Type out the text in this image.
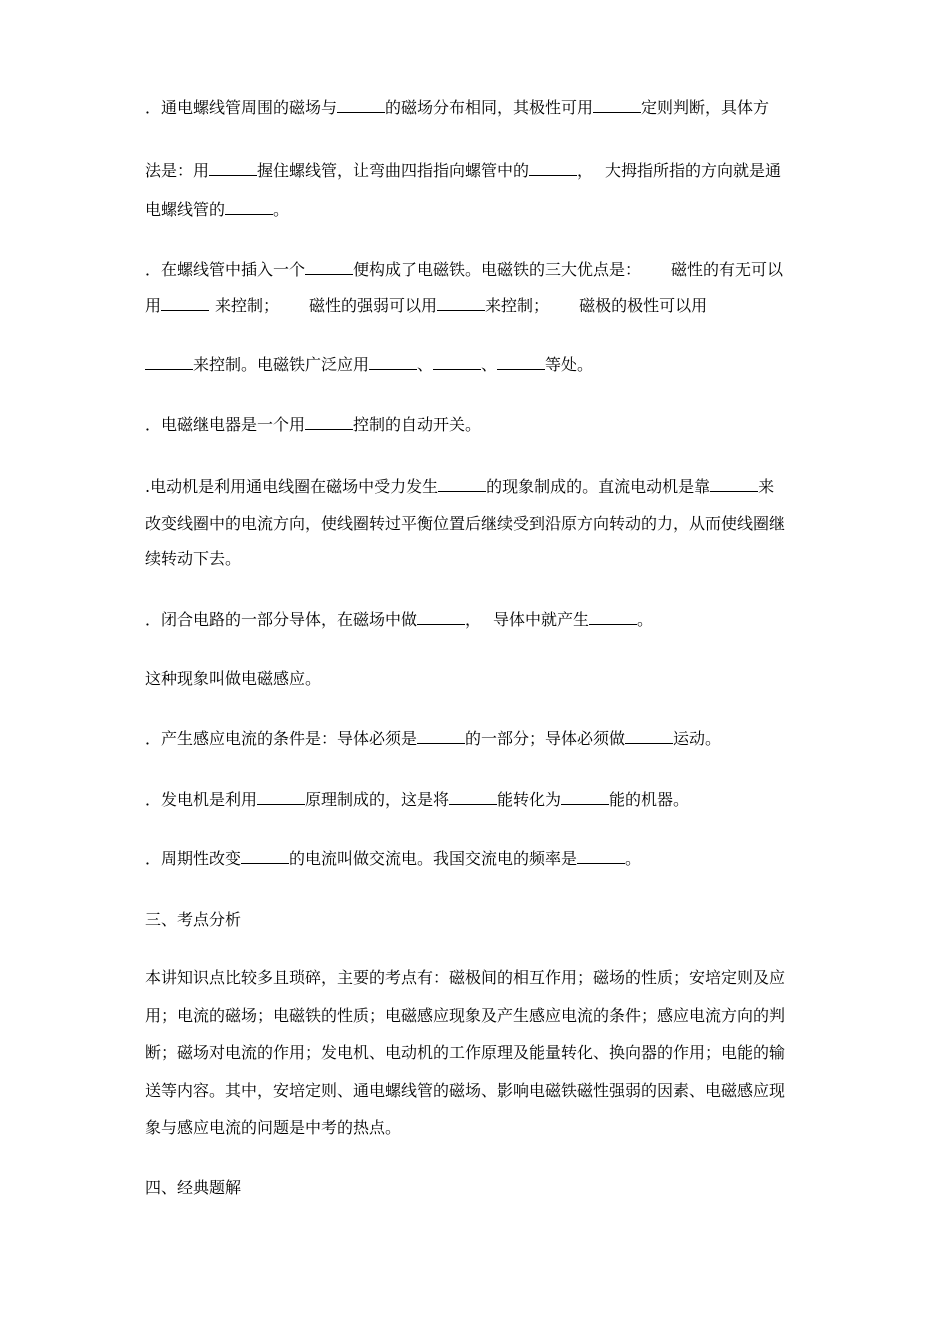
．通电螺线管周围的磁场与	的磁场分布相同，其极性可用	定则判断，具体方
法是：用	握住螺线管，让弯曲四指指向螺管中的	， 大拇指所指的方向就是通
电螺线管的	。
．在螺线管中插入一个	便构成了电磁铁。电磁铁的三大优点是： 磁性的有无可以
用	来控制； 磁性的强弱可以用	来控制； 磁极的极性可以用
来控制。电磁铁广泛应用	、	、	等处。
．电磁继电器是一个用	控制的自动开关。
.电动机是利用通电线圈在磁场中受力发生	的现象制成的。直流电动机是靠	来
改变线圈中的电流方向，使线圈转过平衡位置后继续受到沿原方向转动的力，从而使线圈继
续转动下去。
．闭合电路的一部分导体，在磁场中做	， 导体中就产生	。
这种现象叫做电磁感应。
．产生感应电流的条件是：导体必须是	的一部分；导体必须做	运动。
．发电机是利用	原理制成的，这是将	能转化为	能的机器。
．周期性改变	的电流叫做交流电。我国交流电的频率是	。
三、考点分析
本讲知识点比较多且琐碎，主要的考点有：磁极间的相互作用；磁场的性质；安培定则及应
用；电流的磁场；电磁铁的性质；电磁感应现象及产生感应电流的条件；感应电流方向的判
断；磁场对电流的作用；发电机、电动机的工作原理及能量转化、换向器的作用；电能的输
送等内容。其中，安培定则、通电螺线管的磁场、影响电磁铁磁性强弱的因素、电磁感应现
象与感应电流的问题是中考的热点。
四、经典题解
